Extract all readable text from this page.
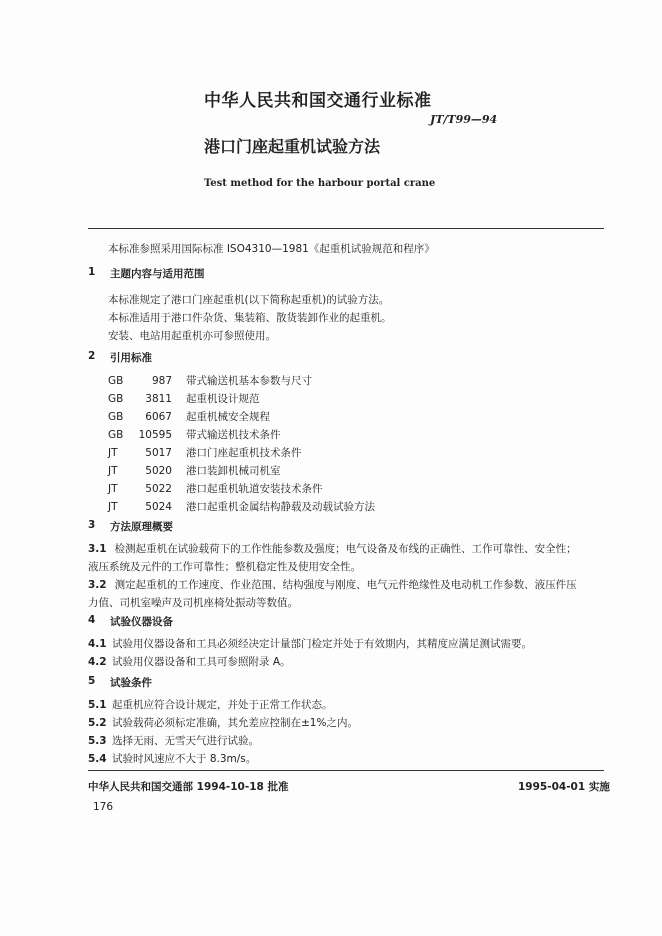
中华人民共和国交通行业标准
JT/T99—94
港口门座起重机试验方法
Test method for the harbour portal crane
本标准参照采用国际标准 ISO4310—1981《起重机试验规范和程序》
1 主题内容与适用范围
本标准规定了港口门座起重机(以下简称起重机)的试验方法。
本标准适用于港口件杂货、集装箱、散货装卸作业的起重机。
安装、电站用起重机亦可参照使用。
2 引用标准
GB	987 带式输送机基本参数与尺寸
GB 3811 起重机设计规范
GB 6067 起重机械安全规程
GB 10595 带式输送机技术条件
JT	5017 港口门座起重机技术条件
JT	5020 港口装卸机械司机室
JT	5022 港口起重机轨道安装技术条件
JT	5024 港口起重机金属结构静载及动载试验方法
3 方法原理概要
3.1 检测起重机在试验载荷下的工作性能参数及强度；电气设备及布线的正确性、工作可靠性、安全性；
液压系统及元件的工作可靠性；整机稳定性及使用安全性。
3.2 测定起重机的工作速度、作业范围、结构强度与刚度、电气元件绝缘性及电动机工作参数、液压件压
力值、司机室噪声及司机座椅处振动等数值。
4 试验仪器设备
4.1 试验用仪器设备和工具必须经决定计量部门检定并处于有效期内，其精度应满足测试需要。
4.2 试验用仪器设备和工具可参照附录 A。
5 试验条件
5.1 起重机应符合设计规定，并处于正常工作状态。
5.2 试验载荷必须标定准确，其允差应控制在±1%之内。
5.3 选择无雨、无雪天气进行试验。
5.4 试验时风速应不大于 8.3m/s。
中华人民共和国交通部 1994-10-18 批准	1995-04-01 实施
176
